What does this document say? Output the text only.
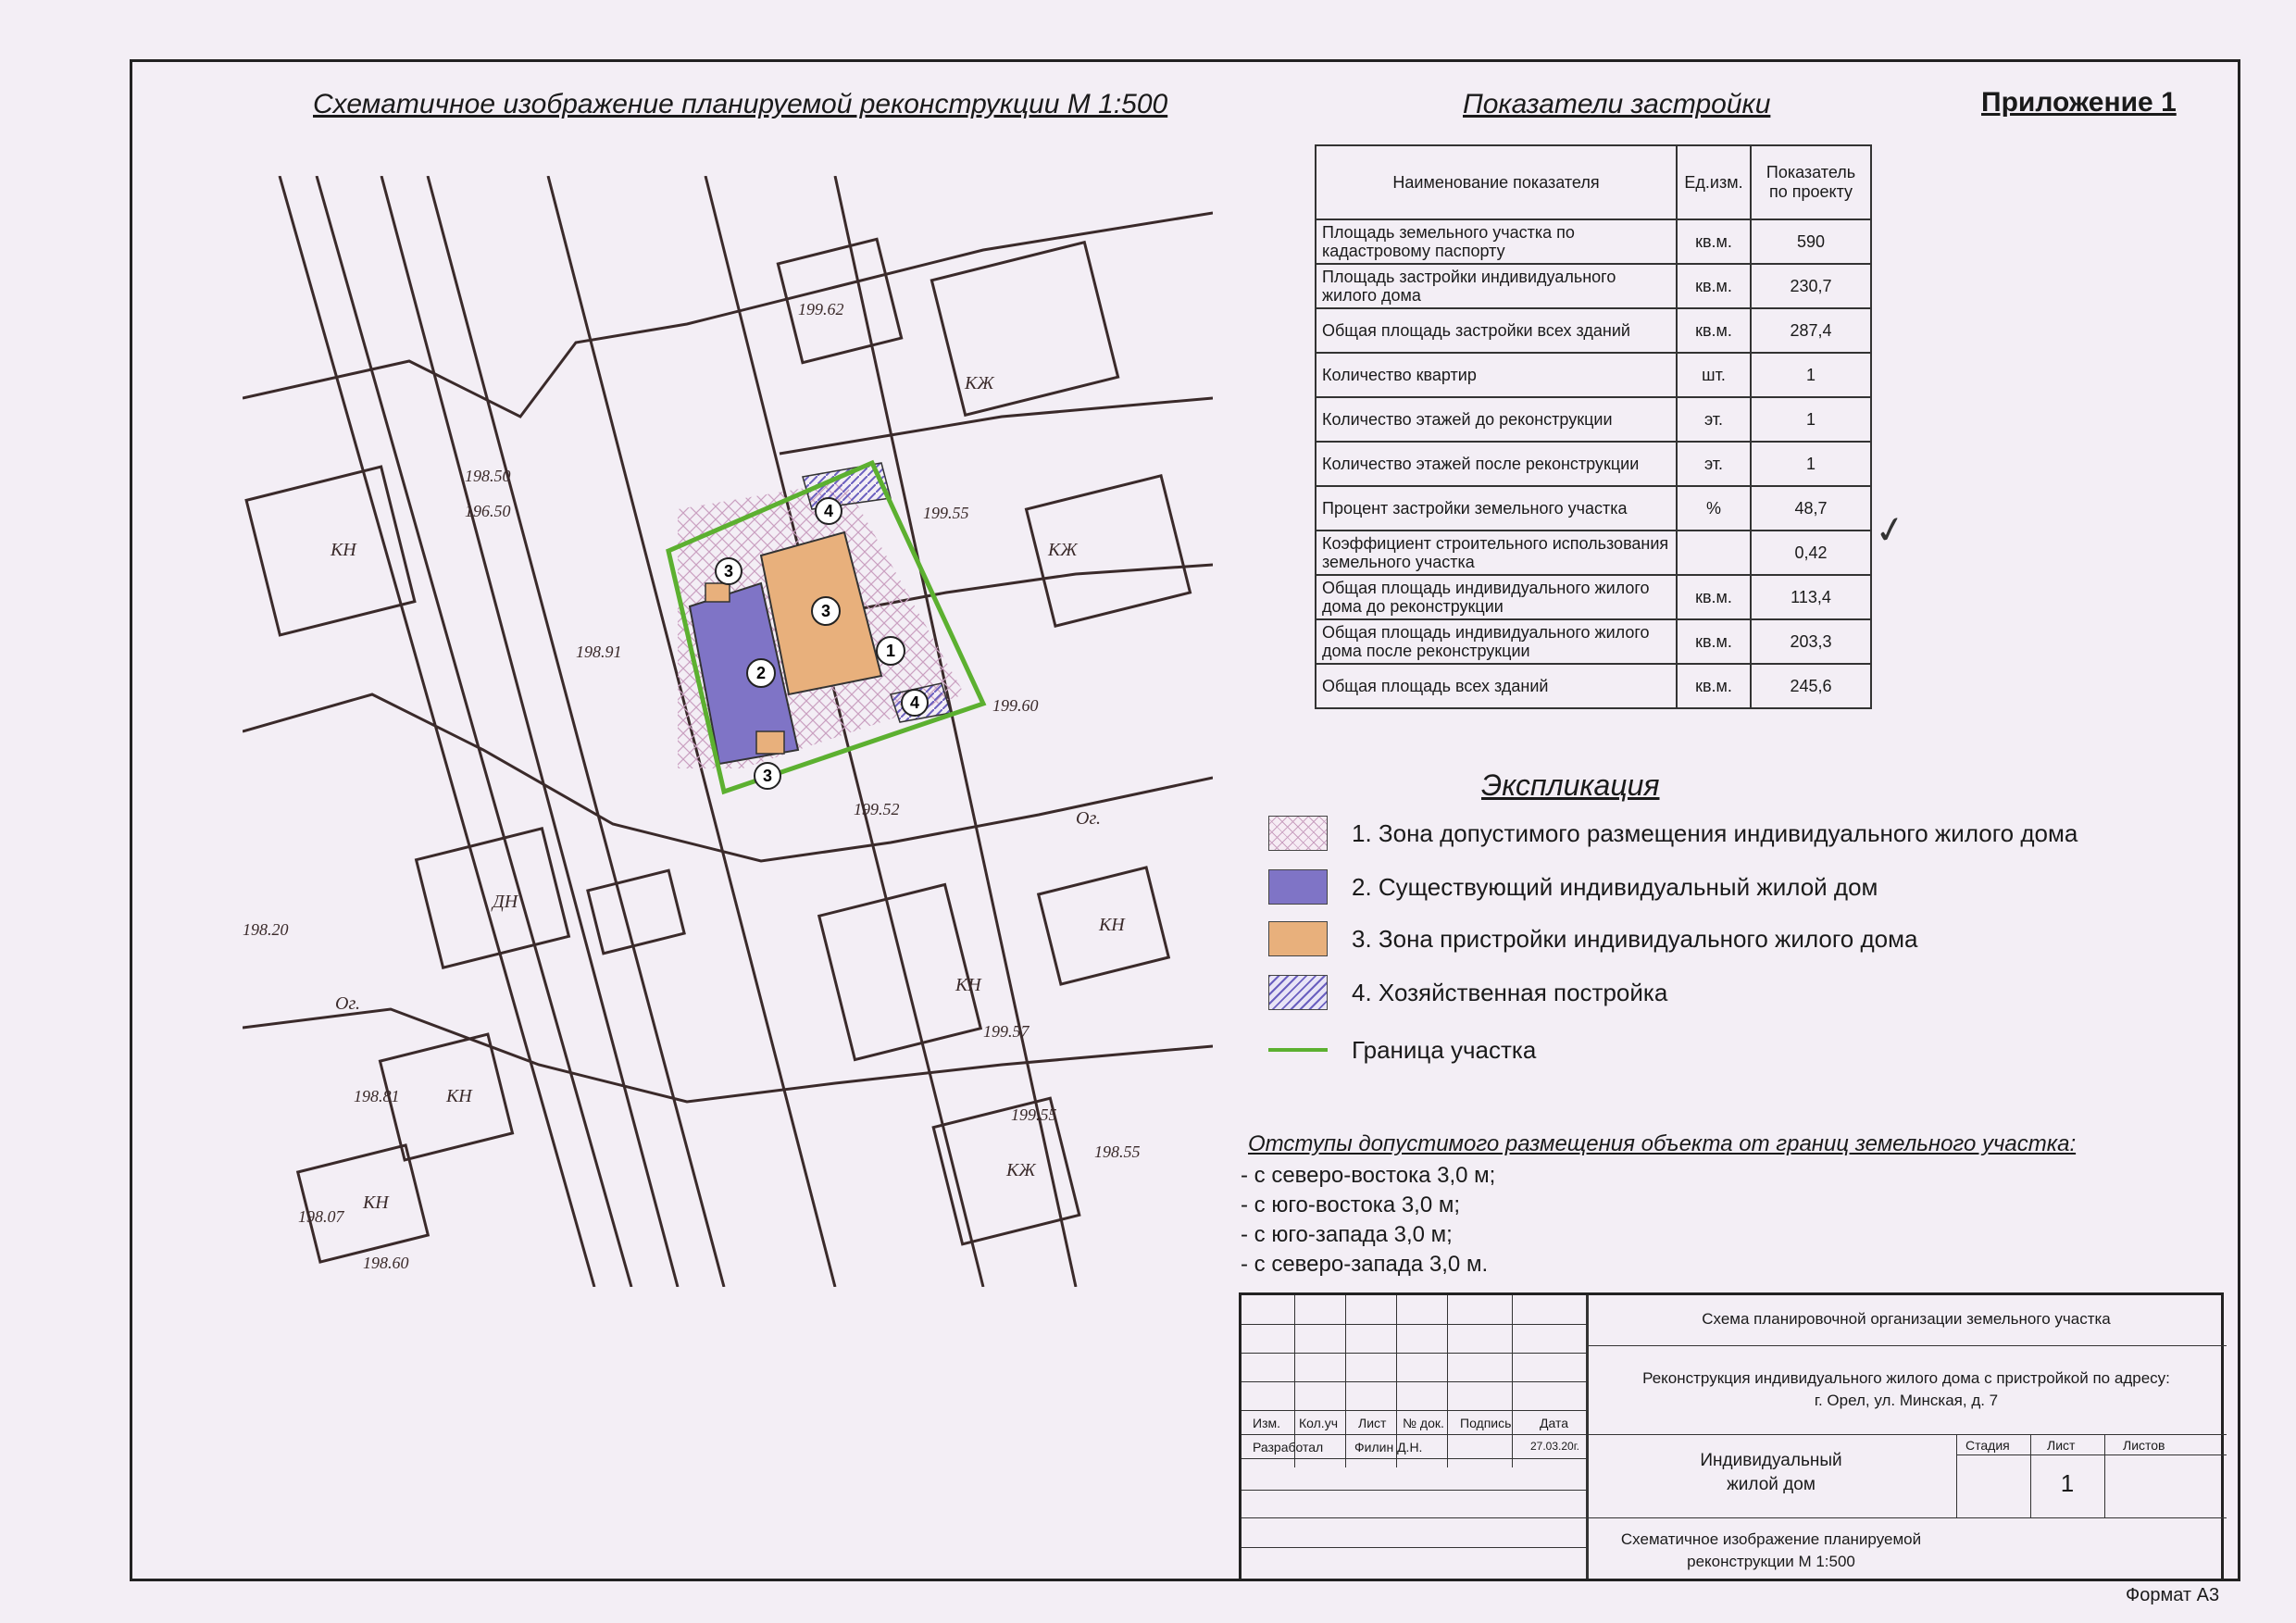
Схематичное изображение планируемой реконструкции М 1:500	Показатели застройки	Приложение 1
1
2
3
3
3
4
4
199.55
199.60
199.62
198.50
196.50
198.91
198.81
198.07
198.55
198.60
198.20
199.57
199.52
199.55
КН	КЖ
КЖ
КН
КЖ
ДН
КН
КН
КН
Ог.
Ог.
Наименование показателя	Ед.изм.	Показатель по проекту
Площадь земельного участка по кадастровому паспорту	кв.м.	590
Площадь застройки индивидуального жилого дома	кв.м.	230,7
Общая площадь застройки всех зданий	кв.м.	287,4
Количество квартир	шт.	1
Количество этажей до реконструкции	эт.	1
Количество этажей после реконструкции	эт.	1
Процент застройки земельного участка	%	48,7
Коэффициент строительного использования земельного участка		0,42
Общая площадь индивидуального жилого дома до реконструкции	кв.м.	113,4
Общая площадь индивидуального жилого дома после реконструкции	кв.м.	203,3
Общая площадь всех зданий	кв.м.	245,6
✓
Экспликация
1. Зона допустимого размещения индивидуального жилого дома
2. Существующий индивидуальный жилой дом
3. Зона пристройки индивидуального жилого дома
4. Хозяйственная постройка
Граница участка
Отступы допустимого размещения объекта от границ земельного участка:
- с северо-востока 3,0 м;
- с юго-востока 3,0 м;
- с юго-запада 3,0 м;
- с северо-запада 3,0 м.
Изм. Кол.уч Лист № док. Подпись Дата
Разработал Филин Д.Н.	27.03.20г.
Схема планировочной организации земельного участка
Реконструкция индивидуального жилого дома с пристройкой по адресу:
г. Орел, ул. Минская, д. 7
Индивидуальный
жилой дом
Стадия	Лист	Листов
1
Схематичное изображение планируемой
реконструкции М 1:500
Формат А3
